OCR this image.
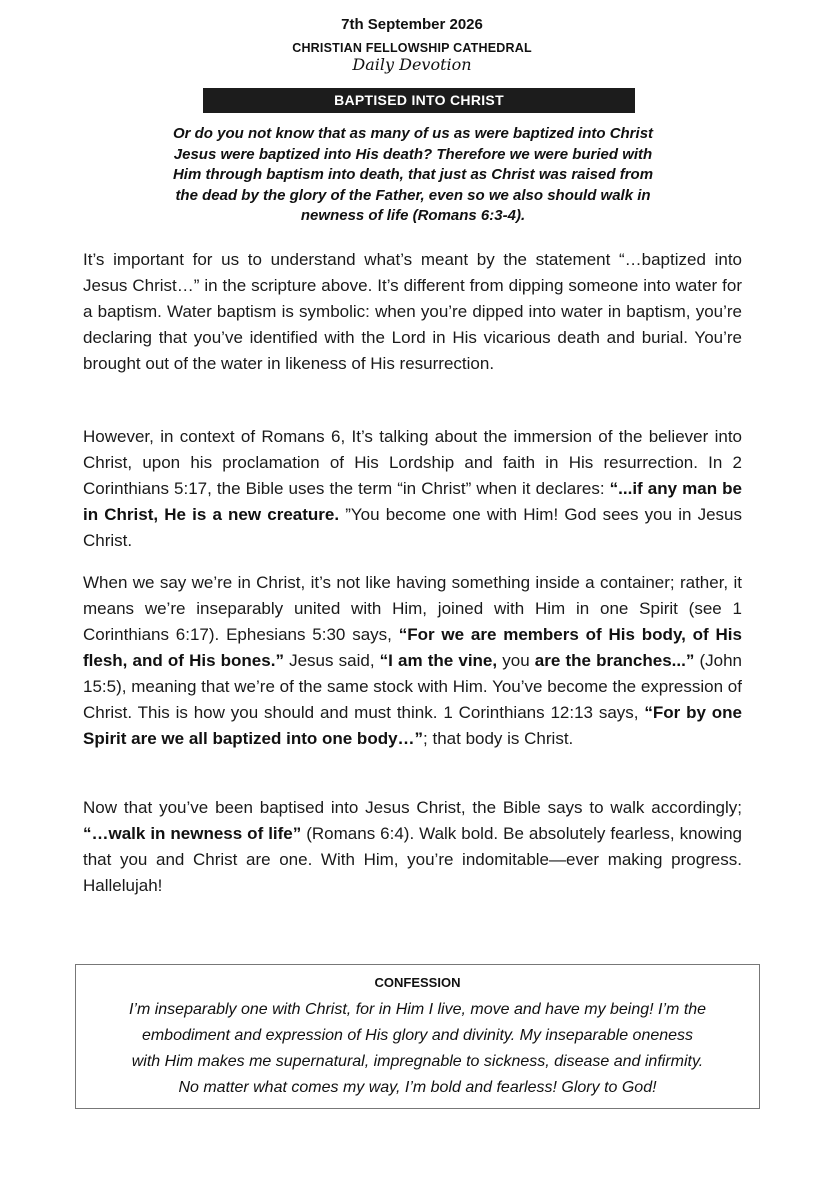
7th September 2026
CHRISTIAN FELLOWSHIP CATHEDRAL
Daily Devotion
BAPTISED INTO CHRIST
Or do you not know that as many of us as were baptized into Christ
Jesus were baptized into His death? Therefore we were buried with
Him through baptism into death, that just as Christ was raised from
the dead by the glory of the Father, even so we also should walk in
newness of life (Romans 6:3-4).

It’s important for us to understand what’s meant by the statement “…baptized into Jesus Christ…” in the scripture above. It’s different from dipping someone into water for a baptism. Water baptism is symbolic: when you’re dipped into water in baptism, you’re declaring that you’ve identified with the Lord in His vicarious death and burial. You’re brought out of the water in likeness of His resurrection.

However, in context of Romans 6, It’s talking about the immersion of the believer into Christ, upon his proclamation of His Lordship and faith in His resurrection. In 2 Corinthians 5:17, the Bible uses the term “in Christ” when it declares: “...if any man be in Christ, He is a new creature. ”You become one with Him! God sees you in Jesus Christ.

When we say we’re in Christ, it’s not like having something inside a container; rather, it means we’re inseparably united with Him, joined with Him in one Spirit (see 1 Corinthians 6:17). Ephesians 5:30 says, “For we are members of His body, of His flesh, and of His bones.” Jesus said, “I am the vine, you are the branches...” (John 15:5), meaning that we’re of the same stock with Him. You’ve become the expression of Christ. This is how you should and must think. 1 Corinthians 12:13 says, “For by one Spirit are we all baptized into one body…”; that body is Christ.

Now that you’ve been baptised into Jesus Christ, the Bible says to walk accordingly; “…walk in newness of life” (Romans 6:4). Walk bold. Be absolutely fearless, knowing that you and Christ are one. With Him, you’re indomitable—ever making progress. Hallelujah!

CONFESSION
I’m inseparably one with Christ, for in Him I live, move and have my being! I’m the
embodiment and expression of His glory and divinity. My inseparable oneness
with Him makes me supernatural, impregnable to sickness, disease and infirmity.
No matter what comes my way, I’m bold and fearless! Glory to God!
